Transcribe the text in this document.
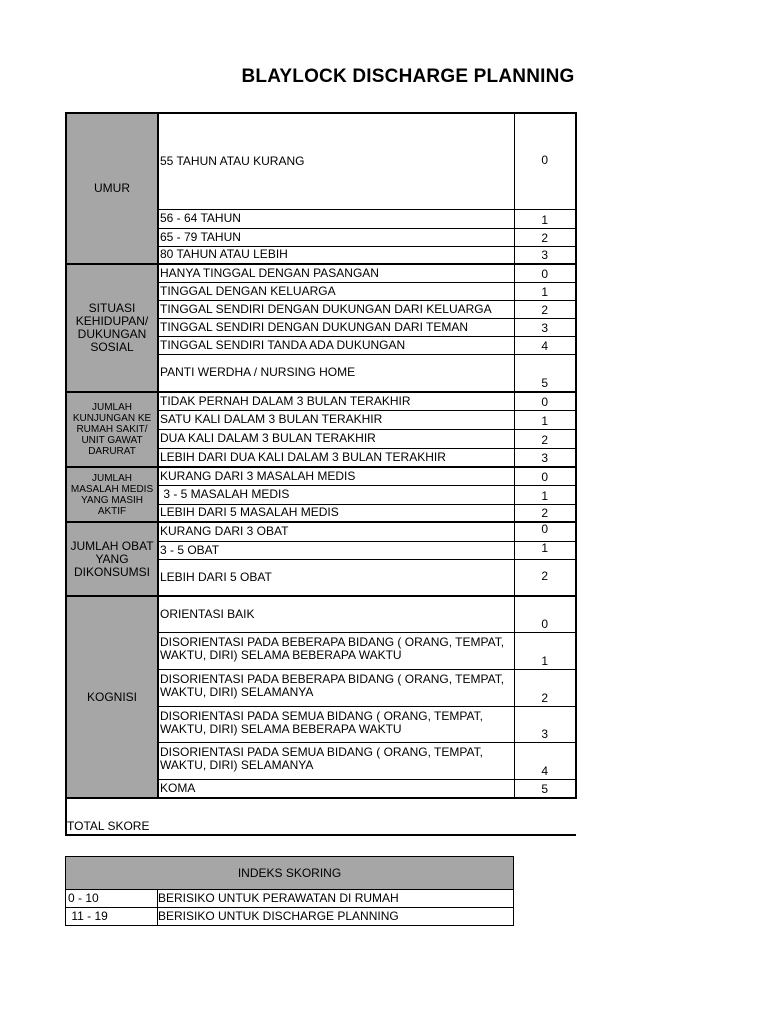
BLAYLOCK DISCHARGE PLANNING
UMUR	55 TAHUN ATAU KURANG	0
	56 - 64 TAHUN	1
	65 - 79 TAHUN	2
	80 TAHUN ATAU LEBIH	3
SITUASI KEHIDUPAN/ DUKUNGAN SOSIAL	HANYA TINGGAL DENGAN PASANGAN	0
	TINGGAL DENGAN KELUARGA	1
	TINGGAL SENDIRI DENGAN DUKUNGAN DARI KELUARGA	2
	TINGGAL SENDIRI DENGAN DUKUNGAN DARI TEMAN	3
	TINGGAL SENDIRI TANDA ADA DUKUNGAN	4
	PANTI WERDHA / NURSING HOME	5
JUMLAH KUNJUNGAN KE RUMAH SAKIT/ UNIT GAWAT DARURAT	TIDAK PERNAH DALAM 3 BULAN TERAKHIR	0
	SATU KALI DALAM 3 BULAN TERAKHIR	1
	DUA KALI DALAM 3 BULAN TERAKHIR	2
	LEBIH DARI DUA KALI DALAM 3 BULAN TERAKHIR	3
JUMLAH MASALAH MEDIS YANG MASIH AKTIF	KURANG DARI 3 MASALAH MEDIS	0
	3 - 5 MASALAH MEDIS	1
	LEBIH DARI 5 MASALAH MEDIS	2
JUMLAH OBAT YANG DIKONSUMSI	KURANG DARI 3 OBAT	0
	3 - 5 OBAT	1
	LEBIH DARI 5 OBAT	2
KOGNISI	ORIENTASI BAIK	0
	DISORIENTASI PADA BEBERAPA BIDANG ( ORANG, TEMPAT, WAKTU, DIRI) SELAMA BEBERAPA WAKTU	1
	DISORIENTASI PADA BEBERAPA BIDANG ( ORANG, TEMPAT, WAKTU, DIRI) SELAMANYA	2
	DISORIENTASI PADA SEMUA BIDANG ( ORANG, TEMPAT, WAKTU, DIRI) SELAMA BEBERAPA WAKTU	3
	DISORIENTASI PADA SEMUA BIDANG ( ORANG, TEMPAT, WAKTU, DIRI) SELAMANYA	4
	KOMA	5
TOTAL SKORE		
INDEKS SKORING	
0 - 10	BERISIKO UNTUK PERAWATAN DI RUMAH
11 - 19	BERISIKO UNTUK DISCHARGE PLANNING
